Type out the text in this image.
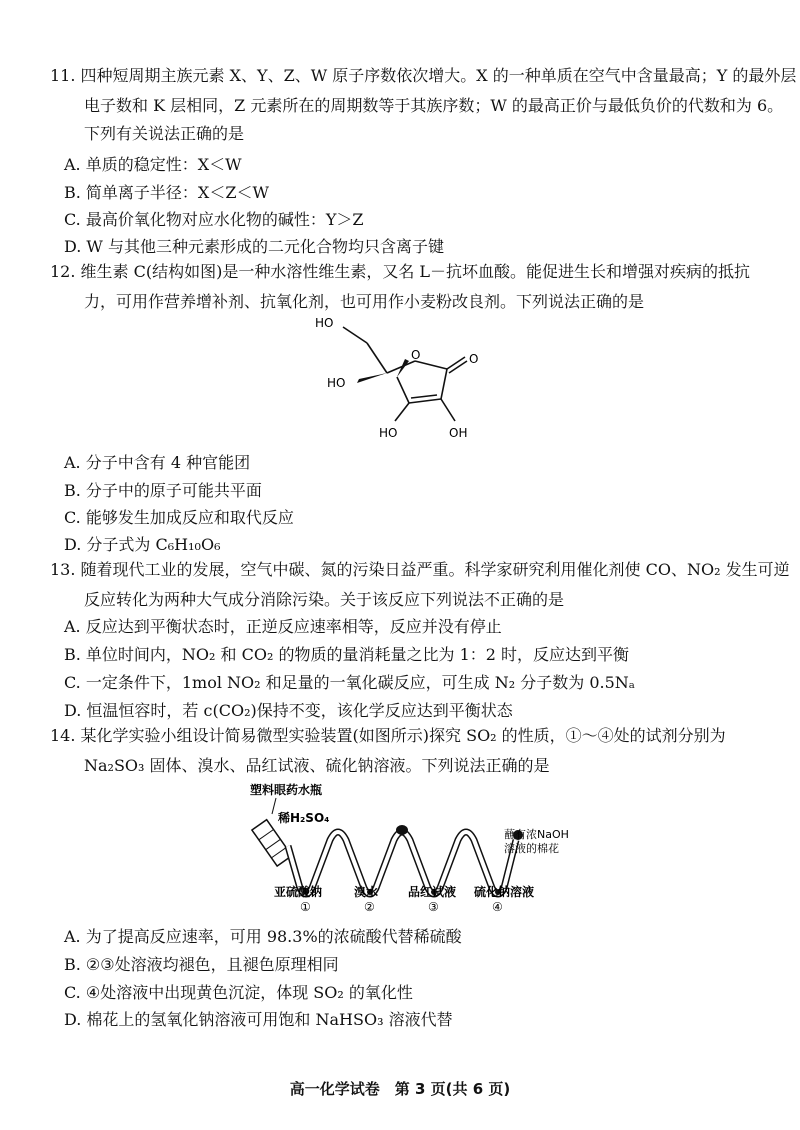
11. 四种短周期主族元素 X、Y、Z、W 原子序数依次增大。X 的一种单质在空气中含量最高；Y 的最外层
电子数和 K 层相同，Z 元素所在的周期数等于其族序数；W 的最高正价与最低负价的代数和为 6。
下列有关说法正确的是
A. 单质的稳定性：X＜W
B. 简单离子半径：X＜Z＜W
C. 最高价氧化物对应水化物的碱性：Y＞Z
D. W 与其他三种元素形成的二元化合物均只含离子键
12. 维生素 C(结构如图)是一种水溶性维生素，又名 L－抗坏血酸。能促进生长和增强对疾病的抵抗
力，可用作营养增补剂、抗氧化剂，也可用作小麦粉改良剂。下列说法正确的是
HO
HO
O	O
HO	OH
A. 分子中含有 4 种官能团
B. 分子中的原子可能共平面
C. 能够发生加成反应和取代反应
D. 分子式为 C₆H₁₀O₆
13. 随着现代工业的发展，空气中碳、氮的污染日益严重。科学家研究利用催化剂使 CO、NO₂ 发生可逆
反应转化为两种大气成分消除污染。关于该反应下列说法不正确的是
A. 反应达到平衡状态时，正逆反应速率相等，反应并没有停止
B. 单位时间内，NO₂ 和 CO₂ 的物质的量消耗量之比为 1：2 时，反应达到平衡
C. 一定条件下，1mol NO₂ 和足量的一氧化碳反应，可生成 N₂ 分子数为 0.5Nₐ
D. 恒温恒容时，若 c(CO₂)保持不变，该化学反应达到平衡状态
14. 某化学实验小组设计简易微型实验装置(如图所示)探究 SO₂ 的性质，①～④处的试剂分别为
Na₂SO₃ 固体、溴水、品红试液、硫化钠溶液。下列说法正确的是
塑料眼药水瓶
稀H₂SO₄
蘸有浓NaOH
溶液的棉花
亚硫酸钠	溴水 品红试液 硫化钠溶液
①	②	③	④
A. 为了提高反应速率，可用 98.3%的浓硫酸代替稀硫酸
B. ②③处溶液均褪色，且褪色原理相同
C. ④处溶液中出现黄色沉淀，体现 SO₂ 的氧化性
D. 棉花上的氢氧化钠溶液可用饱和 NaHSO₃ 溶液代替
高一化学试卷　第 3 页(共 6 页)
